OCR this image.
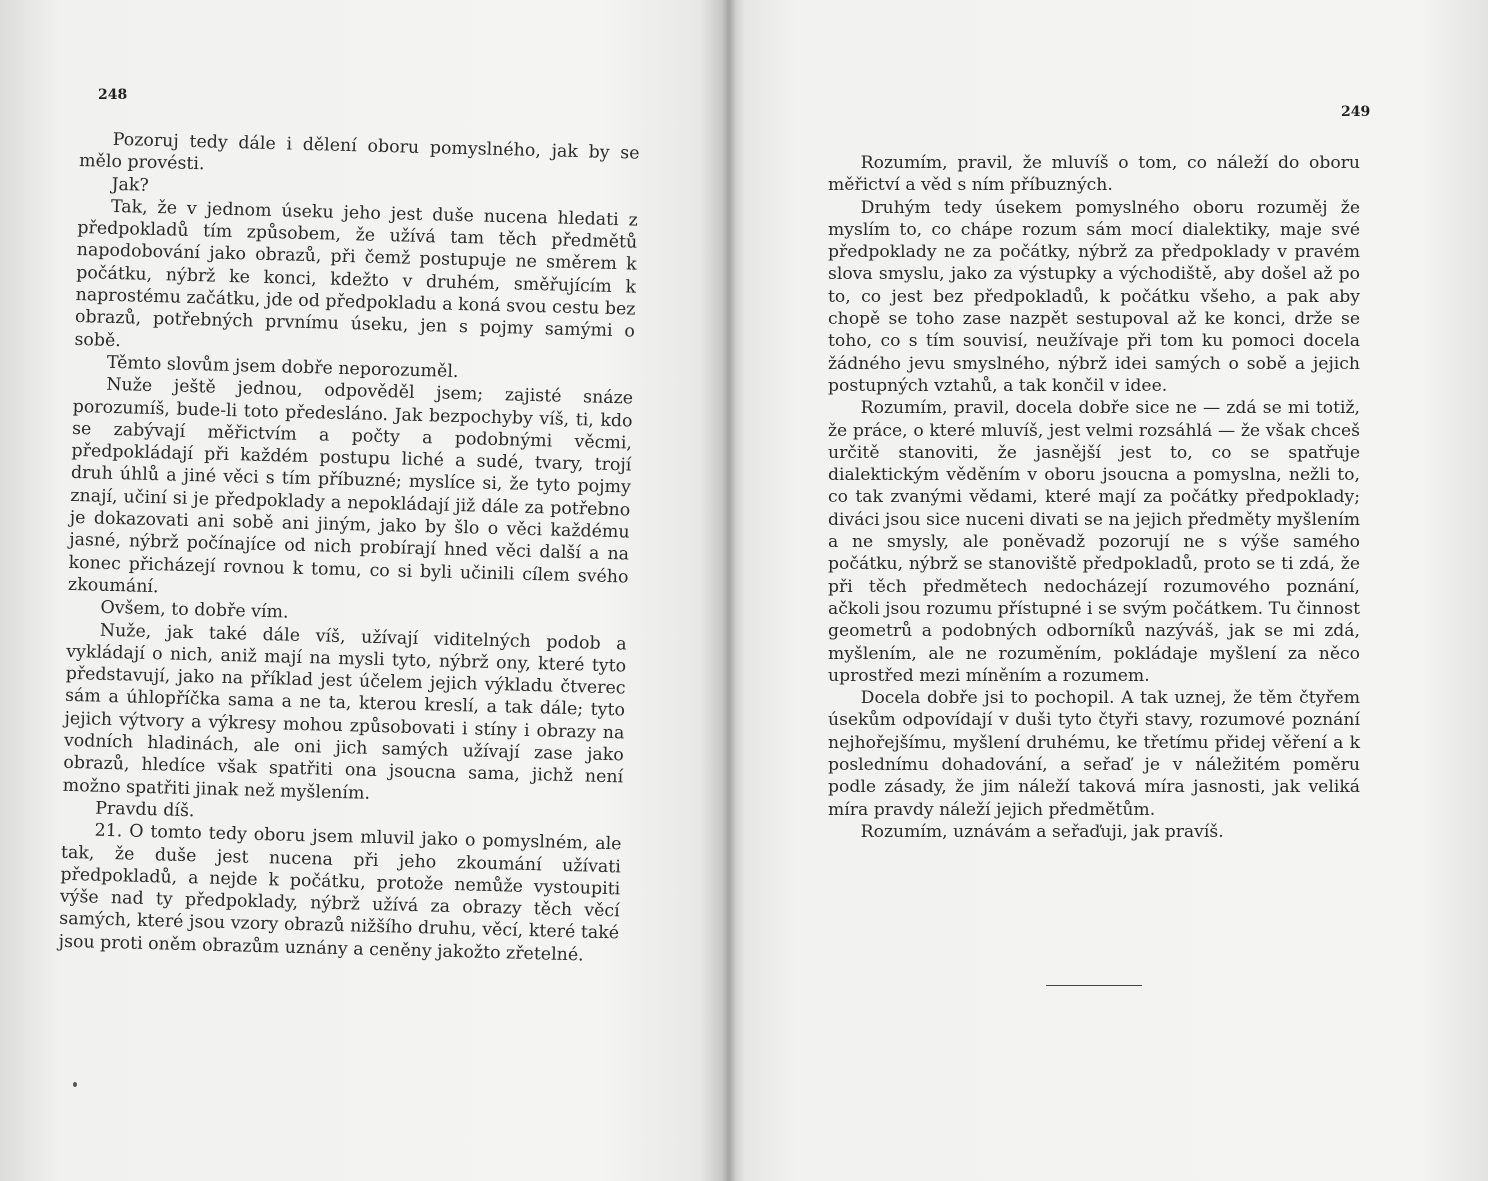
248

Pozoruj tedy dále i dělení oboru pomyslného, jak by se mělo provésti.

Jak?

Tak, že v jednom úseku jeho jest duše nucena hledati z předpokladů tím způsobem, že užívá tam těch předmětů napodobování jako obrazů, při čemž postupuje ne směrem k počátku, nýbrž ke konci, kdežto v druhém, směřujícím k naprostému začátku, jde od předpokladu a koná svou cestu bez obrazů, potřebných prvnímu úseku, jen s pojmy samými o sobě.

Těmto slovům jsem dobře neporozuměl.

Nuže ještě jednou, odpověděl jsem; zajisté snáze porozumíš, bude-li toto předesláno. Jak bezpochyby víš, ti, kdo se zabývají měřictvím a počty a podobnými věcmi, předpokládají při každém postupu liché a sudé, tvary, trojí druh úhlů a jiné věci s tím příbuzné; myslíce si, že tyto pojmy znají, učiní si je předpoklady a nepokládají již dále za potřebno je dokazovati ani sobě ani jiným, jako by šlo o věci každému jasné, nýbrž počínajíce od nich probírají hned věci další a na konec přicházejí rovnou k tomu, co si byli učinili cílem svého zkoumání.

Ovšem, to dobře vím.

Nuže, jak také dále víš, užívají viditelných podob a vykládají o nich, aniž mají na mysli tyto, nýbrž ony, které tyto představují, jako na příklad jest účelem jejich výkladu čtverec sám a úhlopříčka sama a ne ta, kterou kreslí, a tak dále; tyto jejich výtvory a výkresy mohou způsobovati i stíny i obrazy na vodních hladinách, ale oni jich samých užívají zase jako obrazů, hledíce však spatřiti ona jsoucna sama, jichž není možno spatřiti jinak než myšlením.

Pravdu díš.

21. O tomto tedy oboru jsem mluvil jako o pomyslném, ale tak, že duše jest nucena při jeho zkoumání užívati předpokladů, a nejde k počátku, protože nemůže vystoupiti výše nad ty předpoklady, nýbrž užívá za obrazy těch věcí samých, které jsou vzory obrazů nižšího druhu, věcí, které také jsou proti oněm obrazům uznány a ceněny jakožto zřetelné.

249

Rozumím, pravil, že mluvíš o tom, co náleží do oboru měřictví a věd s ním příbuzných.

Druhým tedy úsekem pomyslného oboru rozuměj že myslím to, co chápe rozum sám mocí dialektiky, maje své předpoklady ne za počátky, nýbrž za předpoklady v pravém slova smyslu, jako za výstupky a východiště, aby došel až po to, co jest bez předpokladů, k počátku všeho, a pak aby chopě se toho zase nazpět sestupoval až ke konci, drže se toho, co s tím souvisí, neužívaje při tom ku pomoci docela žádného jevu smyslného, nýbrž idei samých o sobě a jejich postupných vztahů, a tak končil v ideе.

Rozumím, pravil, docela dobře sice ne — zdá se mi totiž, že práce, o které mluvíš, jest velmi rozsáhlá — že však chceš určitě stanoviti, že jasnější jest to, co se spatřuje dialektickým věděním v oboru jsoucna a pomyslna, nežli to, co tak zvanými vědami, které mají za počátky předpoklady; diváci jsou sice nuceni divati se na jejich předměty myšlením a ne smysly, ale poněvadž pozorují ne s výše samého počátku, nýbrž se stanoviště předpokladů, proto se ti zdá, že při těch předmětech nedocházejí rozumového poznání, ačkoli jsou rozumu přístupné i se svým počátkem. Tu činnost geometrů a podobných odborníků nazýváš, jak se mi zdá, myšlením, ale ne rozuměním, pokládaje myšlení za něco uprostřed mezi míněním a rozumem.

Docela dobře jsi to pochopil. A tak uznej, že těm čtyřem úsekům odpovídají v duši tyto čtyři stavy, rozumové poznání nejhořejšímu, myšlení druhému, ke třetímu přidej věření a k poslednímu dohadování, a seřaď je v náležitém poměru podle zásady, že jim náleží taková míra jasnosti, jak veliká míra pravdy náleží jejich předmětům.

Rozumím, uznávám a seřaďuji, jak pravíš.
